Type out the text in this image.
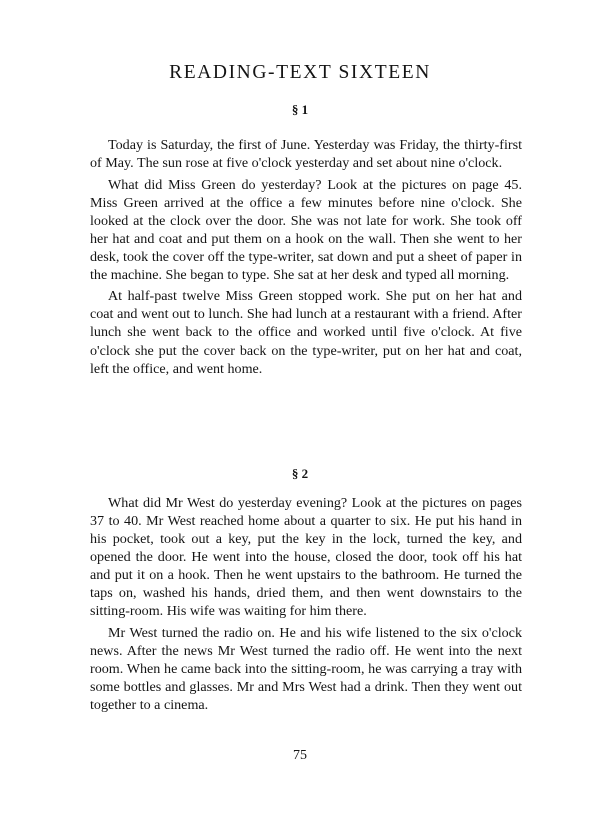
READING-TEXT SIXTEEN

§ 1

Today is Saturday, the first of June. Yesterday was Friday, the thirty-first of May. The sun rose at five o'clock yesterday and set about nine o'clock.

What did Miss Green do yesterday? Look at the pictures on page 45. Miss Green arrived at the office a few minutes before nine o'clock. She looked at the clock over the door. She was not late for work. She took off her hat and coat and put them on a hook on the wall. Then she went to her desk, took the cover off the type-writer, sat down and put a sheet of paper in the machine. She began to type. She sat at her desk and typed all morning.

At half-past twelve Miss Green stopped work. She put on her hat and coat and went out to lunch. She had lunch at a restaurant with a friend. After lunch she went back to the office and worked until five o'clock. At five o'clock she put the cover back on the type-writer, put on her hat and coat, left the office, and went home.

§ 2

What did Mr West do yesterday evening? Look at the pictures on pages 37 to 40. Mr West reached home about a quarter to six. He put his hand in his pocket, took out a key, put the key in the lock, turned the key, and opened the door. He went into the house, closed the door, took off his hat and put it on a hook. Then he went upstairs to the bathroom. He turned the taps on, washed his hands, dried them, and then went downstairs to the sitting-room. His wife was waiting for him there.

Mr West turned the radio on. He and his wife listened to the six o'clock news. After the news Mr West turned the radio off. He went into the next room. When he came back into the sitting-room, he was carrying a tray with some bottles and glasses. Mr and Mrs West had a drink. Then they went out together to a cinema.

75
